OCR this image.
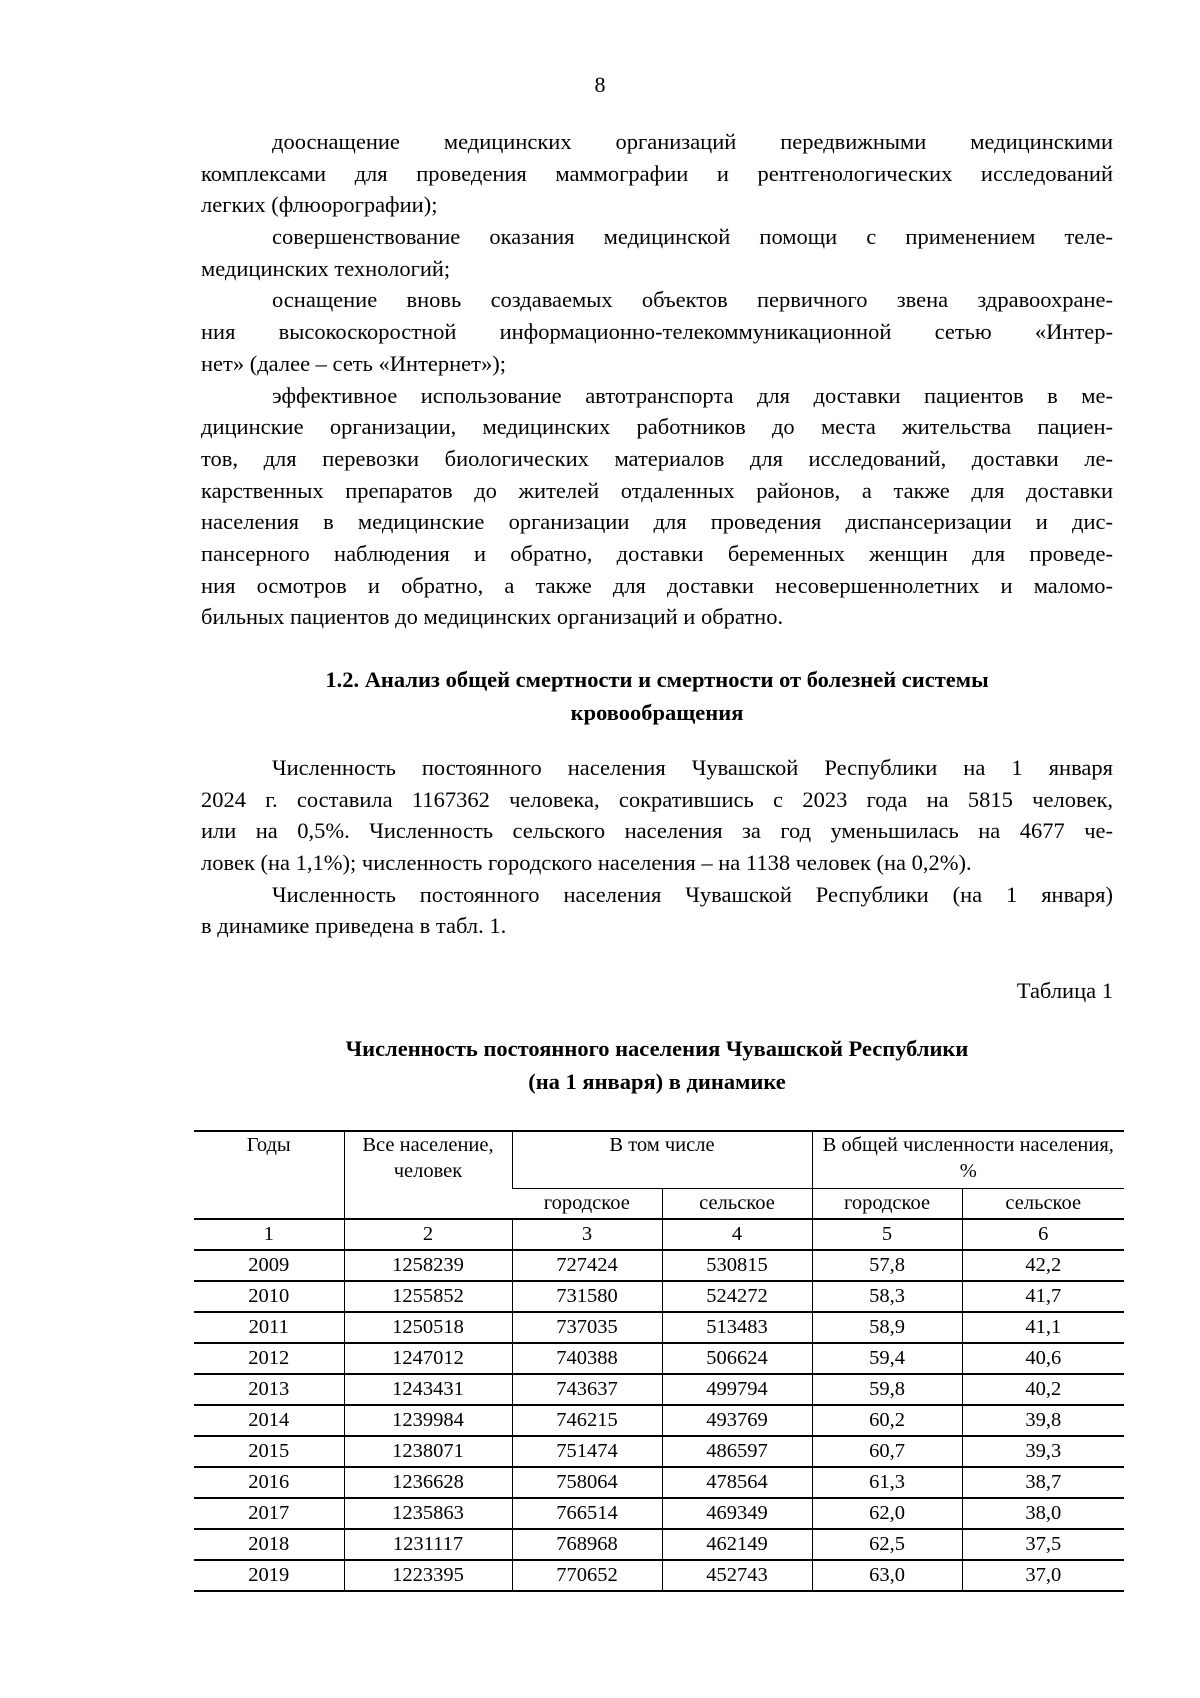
8
дооснащение медицинских организаций передвижными медицинскими
комплексами для проведения маммографии и рентгенологических исследований
легких (флюорографии);
совершенствование оказания медицинской помощи с применением теле-
медицинских технологий;
оснащение вновь создаваемых объектов первичного звена здравоохране-
ния высокоскоростной информационно-телекоммуникационной сетью «Интер-
нет» (далее – сеть «Интернет»);
эффективное использование автотранспорта для доставки пациентов в ме-
дицинские организации, медицинских работников до места жительства пациен-
тов, для перевозки биологических материалов для исследований, доставки ле-
карственных препаратов до жителей отдаленных районов, а также для доставки
населения в медицинские организации для проведения диспансеризации и дис-
пансерного наблюдения и обратно, доставки беременных женщин для проведе-
ния осмотров и обратно, а также для доставки несовершеннолетних и маломо-
бильных пациентов до медицинских организаций и обратно.
1.2. Анализ общей смертности и смертности от болезней системы
кровообращения
Численность постоянного населения Чувашской Республики на 1 января
2024 г. составила 1167362 человека, сократившись с 2023 года на 5815 человек,
или на 0,5%. Численность сельского населения за год уменьшилась на 4677 че-
ловек (на 1,1%); численность городского населения – на 1138 человек (на 0,2%).
Численность постоянного населения Чувашской Республики (на 1 января)
в динамике приведена в табл. 1.
Таблица 1
Численность постоянного населения Чувашской Республики
(на 1 января) в динамике
Годы	Все население, человек	В том числе		В общей численности населения, %	
		городское	сельское	городское	сельское
1	2	3	4	5	6
2009	1258239	727424	530815	57,8	42,2
2010	1255852	731580	524272	58,3	41,7
2011	1250518	737035	513483	58,9	41,1
2012	1247012	740388	506624	59,4	40,6
2013	1243431	743637	499794	59,8	40,2
2014	1239984	746215	493769	60,2	39,8
2015	1238071	751474	486597	60,7	39,3
2016	1236628	758064	478564	61,3	38,7
2017	1235863	766514	469349	62,0	38,0
2018	1231117	768968	462149	62,5	37,5
2019	1223395	770652	452743	63,0	37,0
